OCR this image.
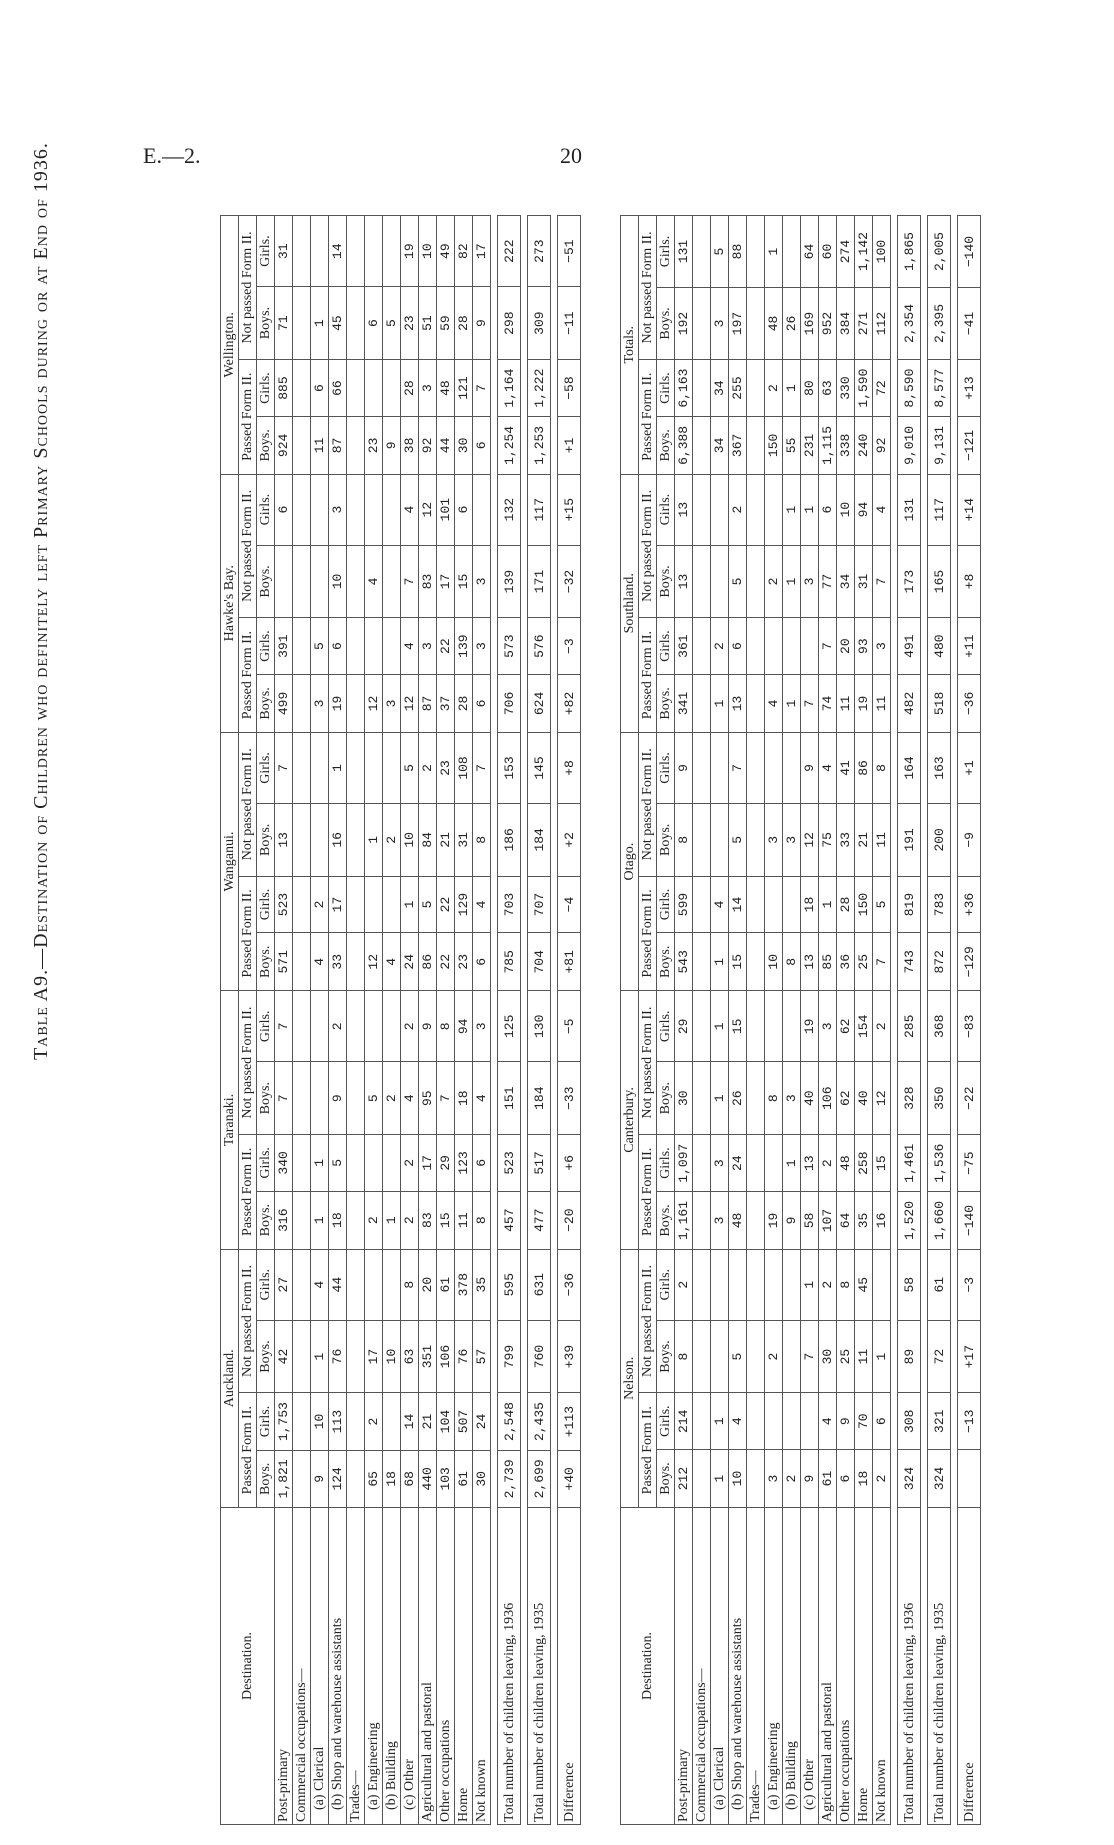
E.—2.	20
Table A9.—Destination of Children who definitely left Primary Schools during or at End of 1936.
Destination.	Auckland.				Taranaki.				Wanganui.				Hawke's Bay.				Wellington.			
	Passed Form II.		Not passed Form II.		Passed Form II.		Not passed Form II.		Passed Form II.		Not passed Form II.		Passed Form II.		Not passed Form II.		Passed Form II.		Not passed Form II.	
	Boys.	Girls.	Boys.	Girls.	Boys.	Girls.	Boys.	Girls.	Boys.	Girls.	Boys.	Girls.	Boys.	Girls.	Boys.	Girls.	Boys.	Girls.	Boys.	Girls.
Post-primary	1,821	1,753	42	27	316	340	7	7	571	523	13	7	499	391		6	924	885	71	31
Commercial occupations—																				
(a) Clerical	9	10	1	4	1	1			4	2			3	5			11	6	1	
(b) Shop and warehouse assistants	124	113	76	44	18	5	9	2	33	17	16	1	19	6	10	3	87	66	45	14
Trades—																				
(a) Engineering	65	2	17		2		5		12		1		12		4		23		6	
(b) Building	18		10		1		2		4		2		3				9		5	
(c) Other	68	14	63	8	2	2	4	2	24	1	10	5	12	4	7	4	38	28	23	19
Agricultural and pastoral	440	21	351	20	83	17	95	9	86	5	84	2	87	3	83	12	92	3	51	10
Other occupations	103	104	106	61	15	29	7	8	22	22	21	23	37	22	17	101	44	48	59	49
Home	61	507	76	378	11	123	18	94	23	129	31	108	28	139	15	6	30	121	28	82
Not known	30	24	57	35	8	6	4	3	6	4	8	7	6	3	3		6	7	9	17

Total number of children leaving, 1936	2,739	2,548	799	595	457	523	151	125	785	703	186	153	706	573	139	132	1,254	1,164	298	222

Total number of children leaving, 1935	2,699	2,435	760	631	477	517	184	130	704	707	184	145	624	576	171	117	1,253	1,222	309	273

Difference	+40	+113	+39	−36	−20	+6	−33	−5	+81	−4	+2	+8	+82	−3	−32	+15	+1	−58	−11	−51
Destination.	Nelson.				Canterbury.				Otago.				Southland.				Totals.			
	Passed Form II.		Not passed Form II.		Passed Form II.		Not passed Form II.		Passed Form II.		Not passed Form II.		Passed Form II.		Not passed Form II.		Passed Form II.		Not passed Form II.	
	Boys.	Girls.	Boys.	Girls.	Boys.	Girls.	Boys.	Girls.	Boys.	Girls.	Boys.	Girls.	Boys.	Girls.	Boys.	Girls.	Boys.	Girls.	Boys.	Girls.
Post-primary	212	214	8	2	1,161	1,097	30	29	543	599	8	9	341	361	13	13	6,388	6,163	192	131
Commercial occupations—																				
(a) Clerical	1	1			3	3	1	1	1	4			1	2			34	34	3	5
(b) Shop and warehouse assistants	10	4	5		48	24	26	15	15	14	5	7	13	6	5	2	367	255	197	88
Trades—																				
(a) Engineering	3		2		19		8		10		3		4		2		150	2	48	1
(b) Building	2				9	1	3		8		3		1		1	1	55	1	26	
(c) Other	9		7	1	58	13	40	19	13	18	12	9	7		3	1	231	80	169	64
Agricultural and pastoral	61	4	30	2	107	2	106	3	85	1	75	4	74	7	77	6	1,115	63	952	60
Other occupations	6	9	25	8	64	48	62	62	36	28	33	41	11	20	34	10	338	330	384	274
Home	18	70	11	45	35	258	40	154	25	150	21	86	19	93	31	94	240	1,590	271	1,142
Not known	2	6	1		16	15	12	2	7	5	11	8	11	3	7	4	92	72	112	100

Total number of children leaving, 1936	324	308	89	58	1,520	1,461	328	285	743	819	191	164	482	491	173	131	9,010	8,590	2,354	1,865

Total number of children leaving, 1935	324	321	72	61	1,660	1,536	350	368	872	783	200	163	518	480	165	117	9,131	8,577	2,395	2,005

Difference		−13	+17	−3	−140	−75	−22	−83	−129	+36	−9	+1	−36	+11	+8	+14	−121	+13	−41	−140
